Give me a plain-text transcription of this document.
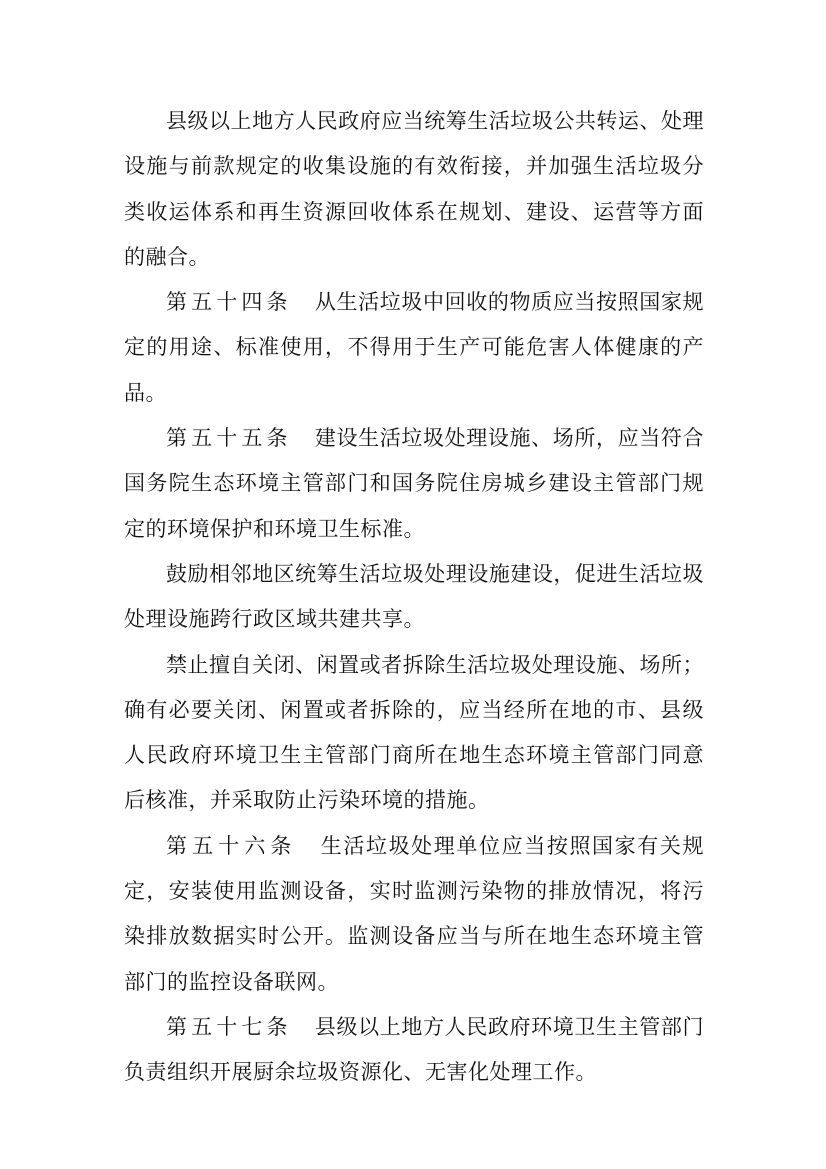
县级以上地方人民政府应当统筹生活垃圾公共转运、处理设施与前款规定的收集设施的有效衔接，并加强生活垃圾分类收运体系和再生资源回收体系在规划、建设、运营等方面的融合。

第五十四条 从生活垃圾中回收的物质应当按照国家规定的用途、标准使用，不得用于生产可能危害人体健康的产品。

第五十五条 建设生活垃圾处理设施、场所，应当符合国务院生态环境主管部门和国务院住房城乡建设主管部门规定的环境保护和环境卫生标准。

鼓励相邻地区统筹生活垃圾处理设施建设，促进生活垃圾处理设施跨行政区域共建共享。

禁止擅自关闭、闲置或者拆除生活垃圾处理设施、场所；确有必要关闭、闲置或者拆除的，应当经所在地的市、县级人民政府环境卫生主管部门商所在地生态环境主管部门同意后核准，并采取防止污染环境的措施。

第五十六条 生活垃圾处理单位应当按照国家有关规定，安装使用监测设备，实时监测污染物的排放情况，将污染排放数据实时公开。监测设备应当与所在地生态环境主管部门的监控设备联网。

第五十七条 县级以上地方人民政府环境卫生主管部门负责组织开展厨余垃圾资源化、无害化处理工作。
